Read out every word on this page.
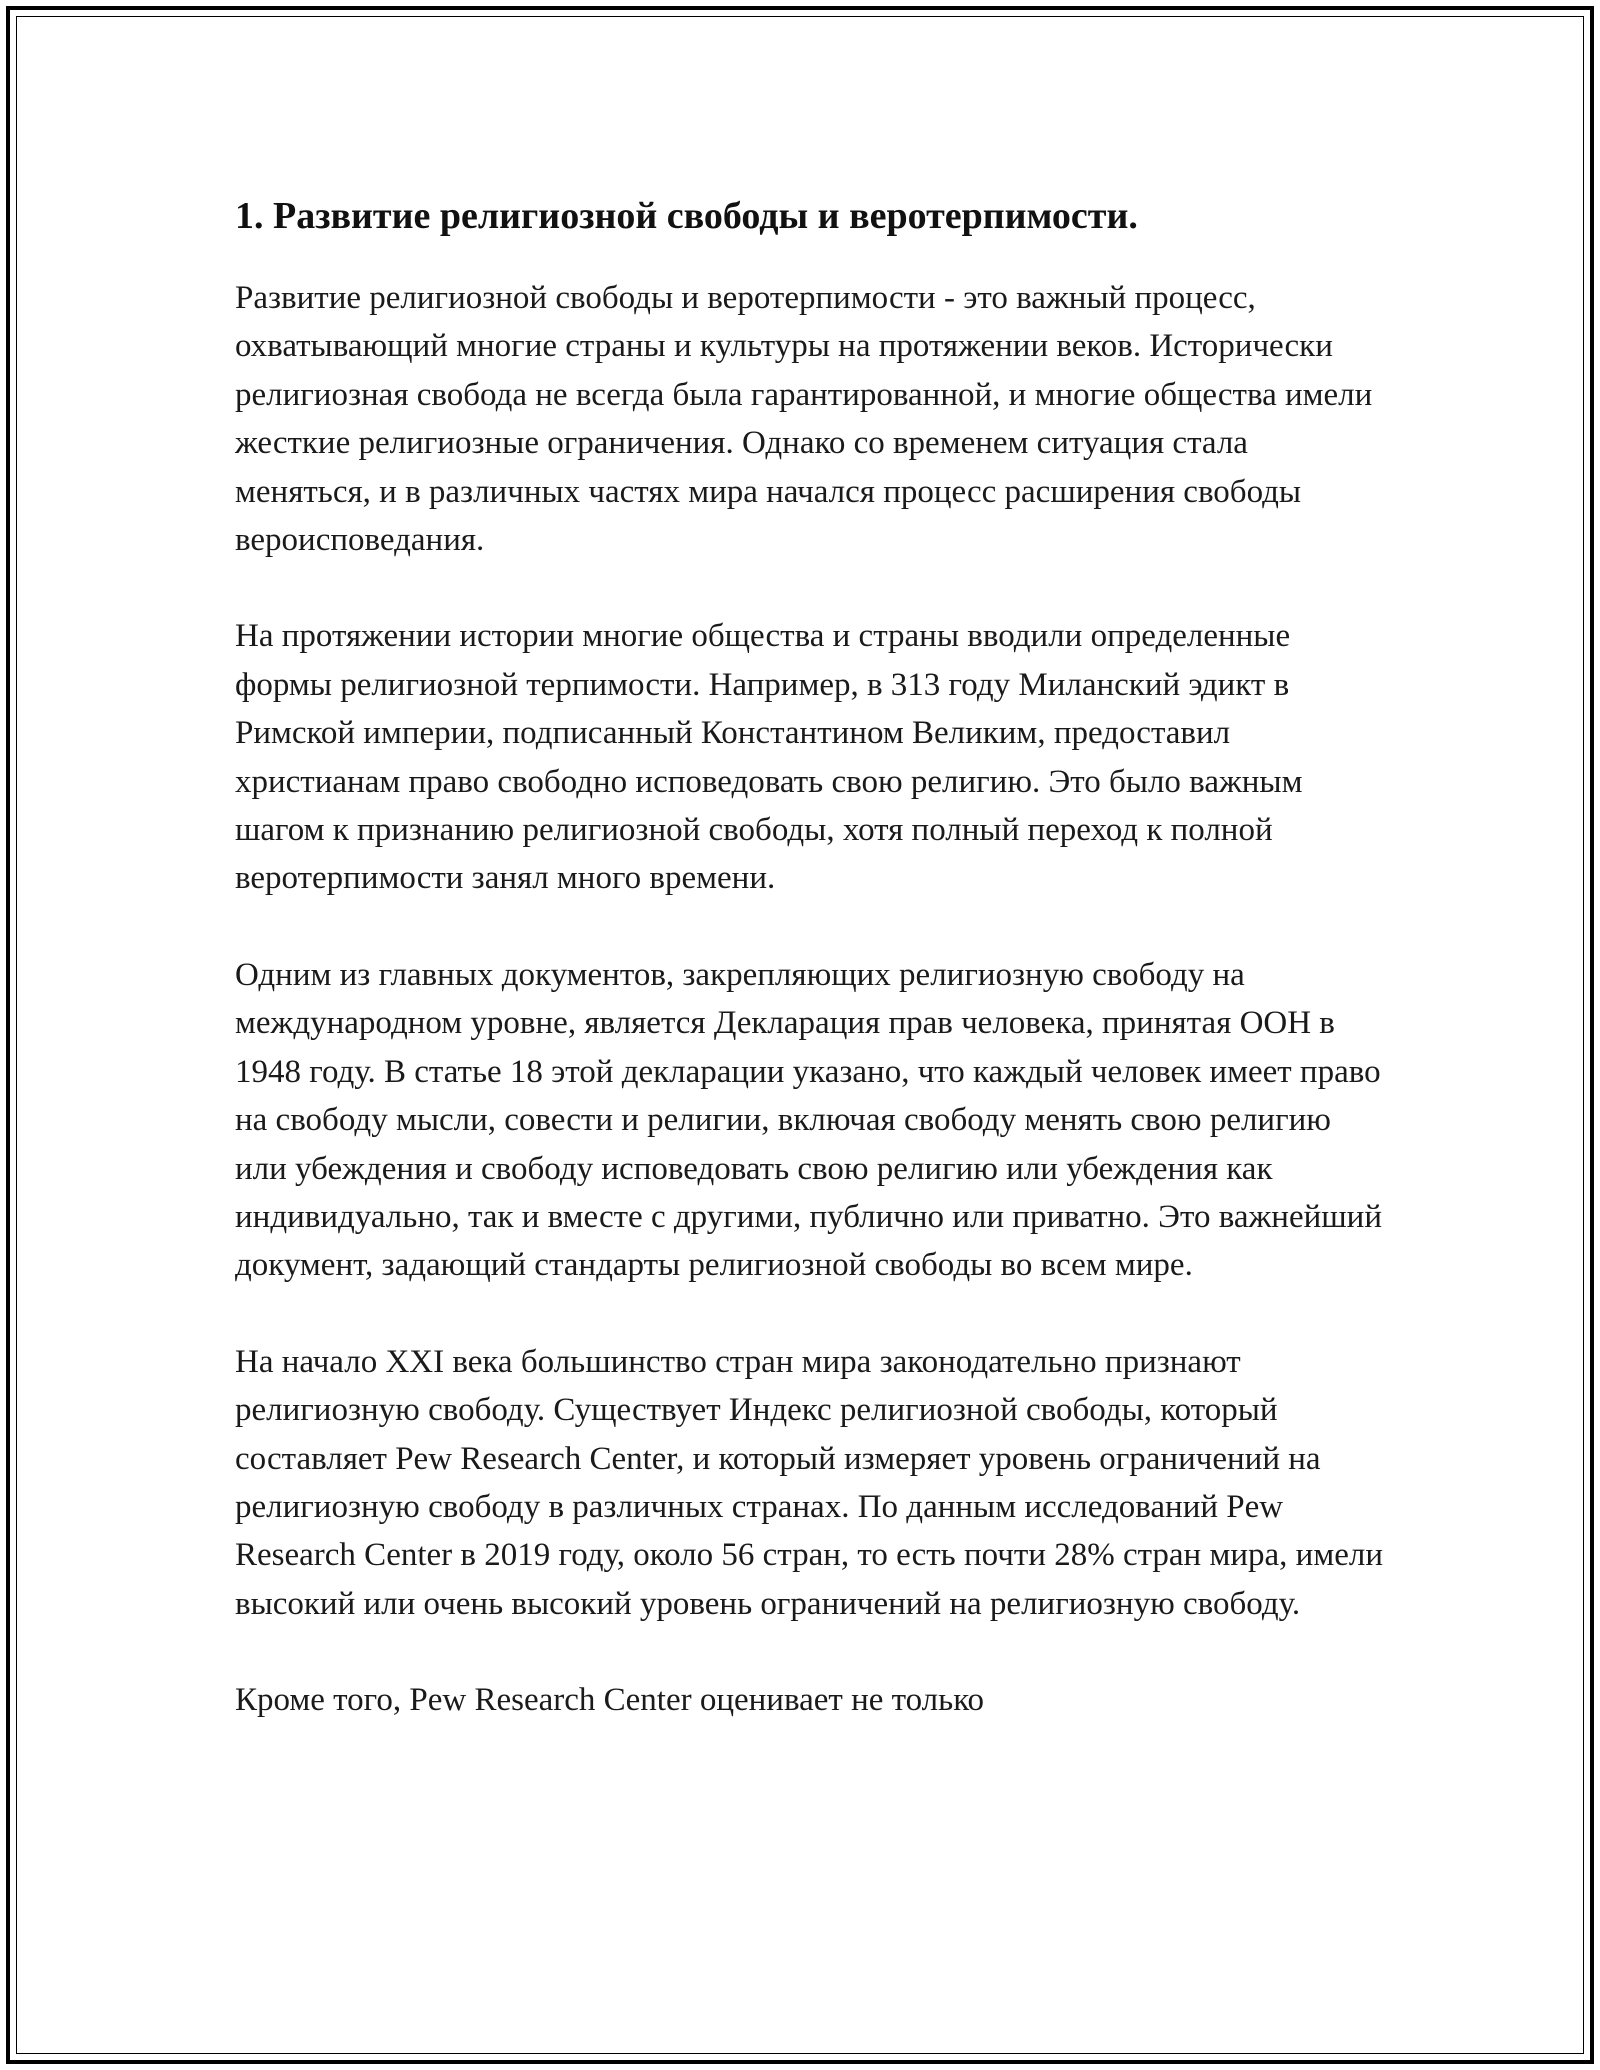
1. Развитие религиозной свободы и веротерпимости.

Развитие религиозной свободы и веротерпимости - это важный процесс, охватывающий многие страны и культуры на протяжении веков. Исторически религиозная свобода не всегда была гарантированной, и многие общества имели жесткие религиозные ограничения. Однако со временем ситуация стала меняться, и в различных частях мира начался процесс расширения свободы вероисповедания.

На протяжении истории многие общества и страны вводили определенные формы религиозной терпимости. Например, в 313 году Миланский эдикт в Римской империи, подписанный Константином Великим, предоставил христианам право свободно исповедовать свою религию. Это было важным шагом к признанию религиозной свободы, хотя полный переход к полной веротерпимости занял много времени.

Одним из главных документов, закрепляющих религиозную свободу на международном уровне, является Декларация прав человека, принятая ООН в 1948 году. В статье 18 этой декларации указано, что каждый человек имеет право на свободу мысли, совести и религии, включая свободу менять свою религию или убеждения и свободу исповедовать свою религию или убеждения как индивидуально, так и вместе с другими, публично или приватно. Это важнейший документ, задающий стандарты религиозной свободы во всем мире.

На начало XXI века большинство стран мира законодательно признают религиозную свободу. Существует Индекс религиозной свободы, который составляет Pew Research Center, и который измеряет уровень ограничений на религиозную свободу в различных странах. По данным исследований Pew Research Center в 2019 году, около 56 стран, то есть почти 28% стран мира, имели высокий или очень высокий уровень ограничений на религиозную свободу.

Кроме того, Pew Research Center оценивает не только
